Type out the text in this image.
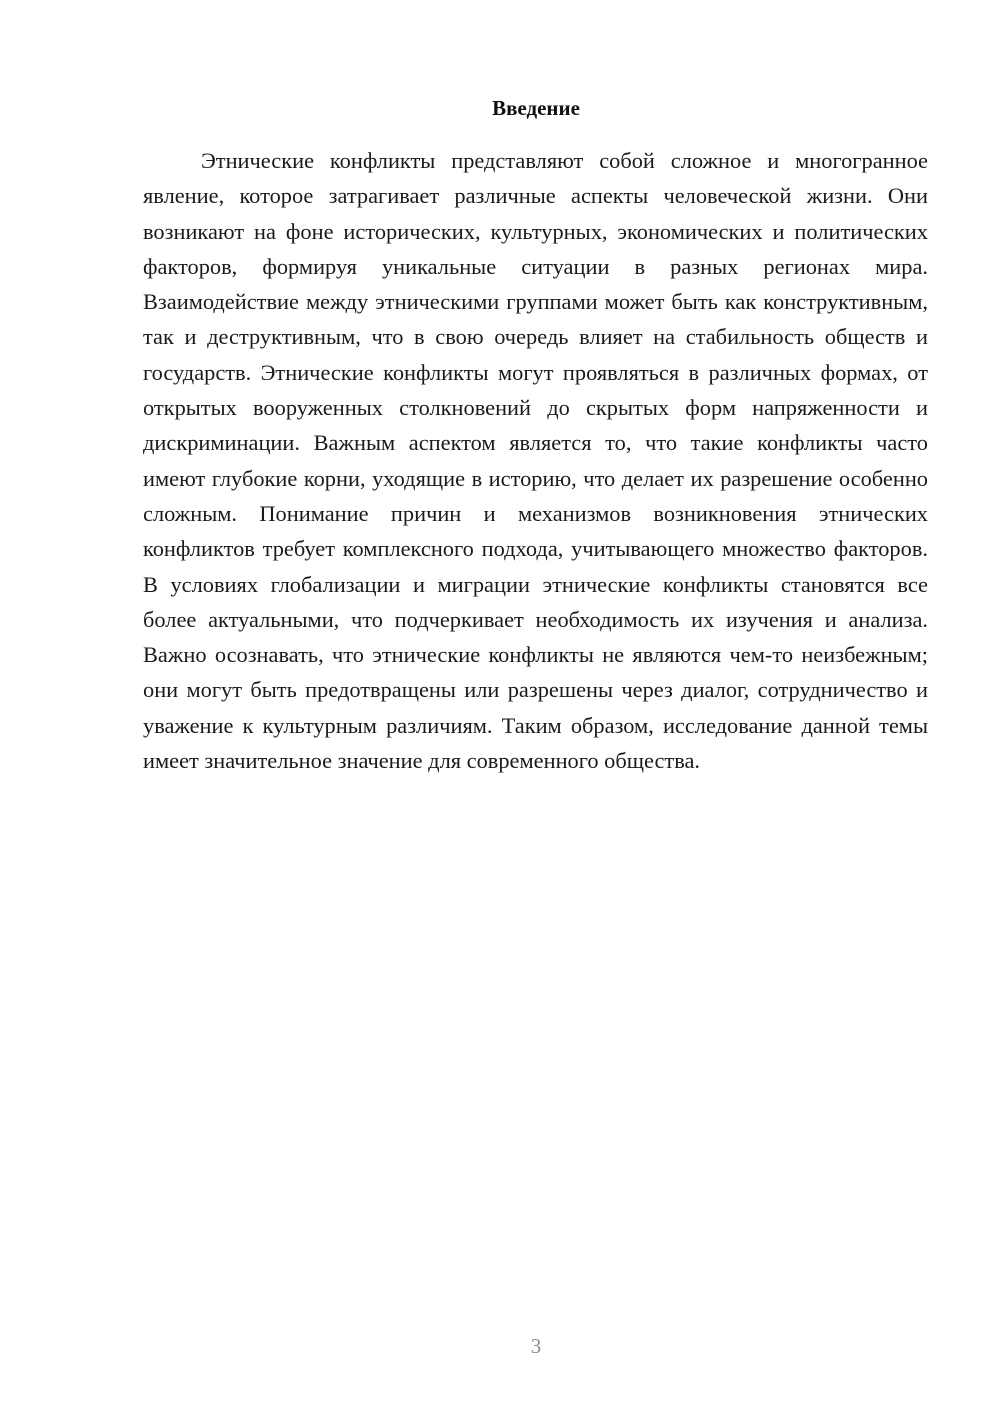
Введение

Этнические конфликты представляют собой сложное и многогранное явление, которое затрагивает различные аспекты человеческой жизни. Они возникают на фоне исторических, культурных, экономических и политических факторов, формируя уникальные ситуации в разных регионах мира. Взаимодействие между этническими группами может быть как конструктивным, так и деструктивным, что в свою очередь влияет на стабильность обществ и государств. Этнические конфликты могут проявляться в различных формах, от открытых вооруженных столкновений до скрытых форм напряженности и дискриминации. Важным аспектом является то, что такие конфликты часто имеют глубокие корни, уходящие в историю, что делает их разрешение особенно сложным. Понимание причин и механизмов возникновения этнических конфликтов требует комплексного подхода, учитывающего множество факторов. В условиях глобализации и миграции этнические конфликты становятся все более актуальными, что подчеркивает необходимость их изучения и анализа. Важно осознавать, что этнические конфликты не являются чем-то неизбежным; они могут быть предотвращены или разрешены через диалог, сотрудничество и уважение к культурным различиям. Таким образом, исследование данной темы имеет значительное значение для современного общества.

3
